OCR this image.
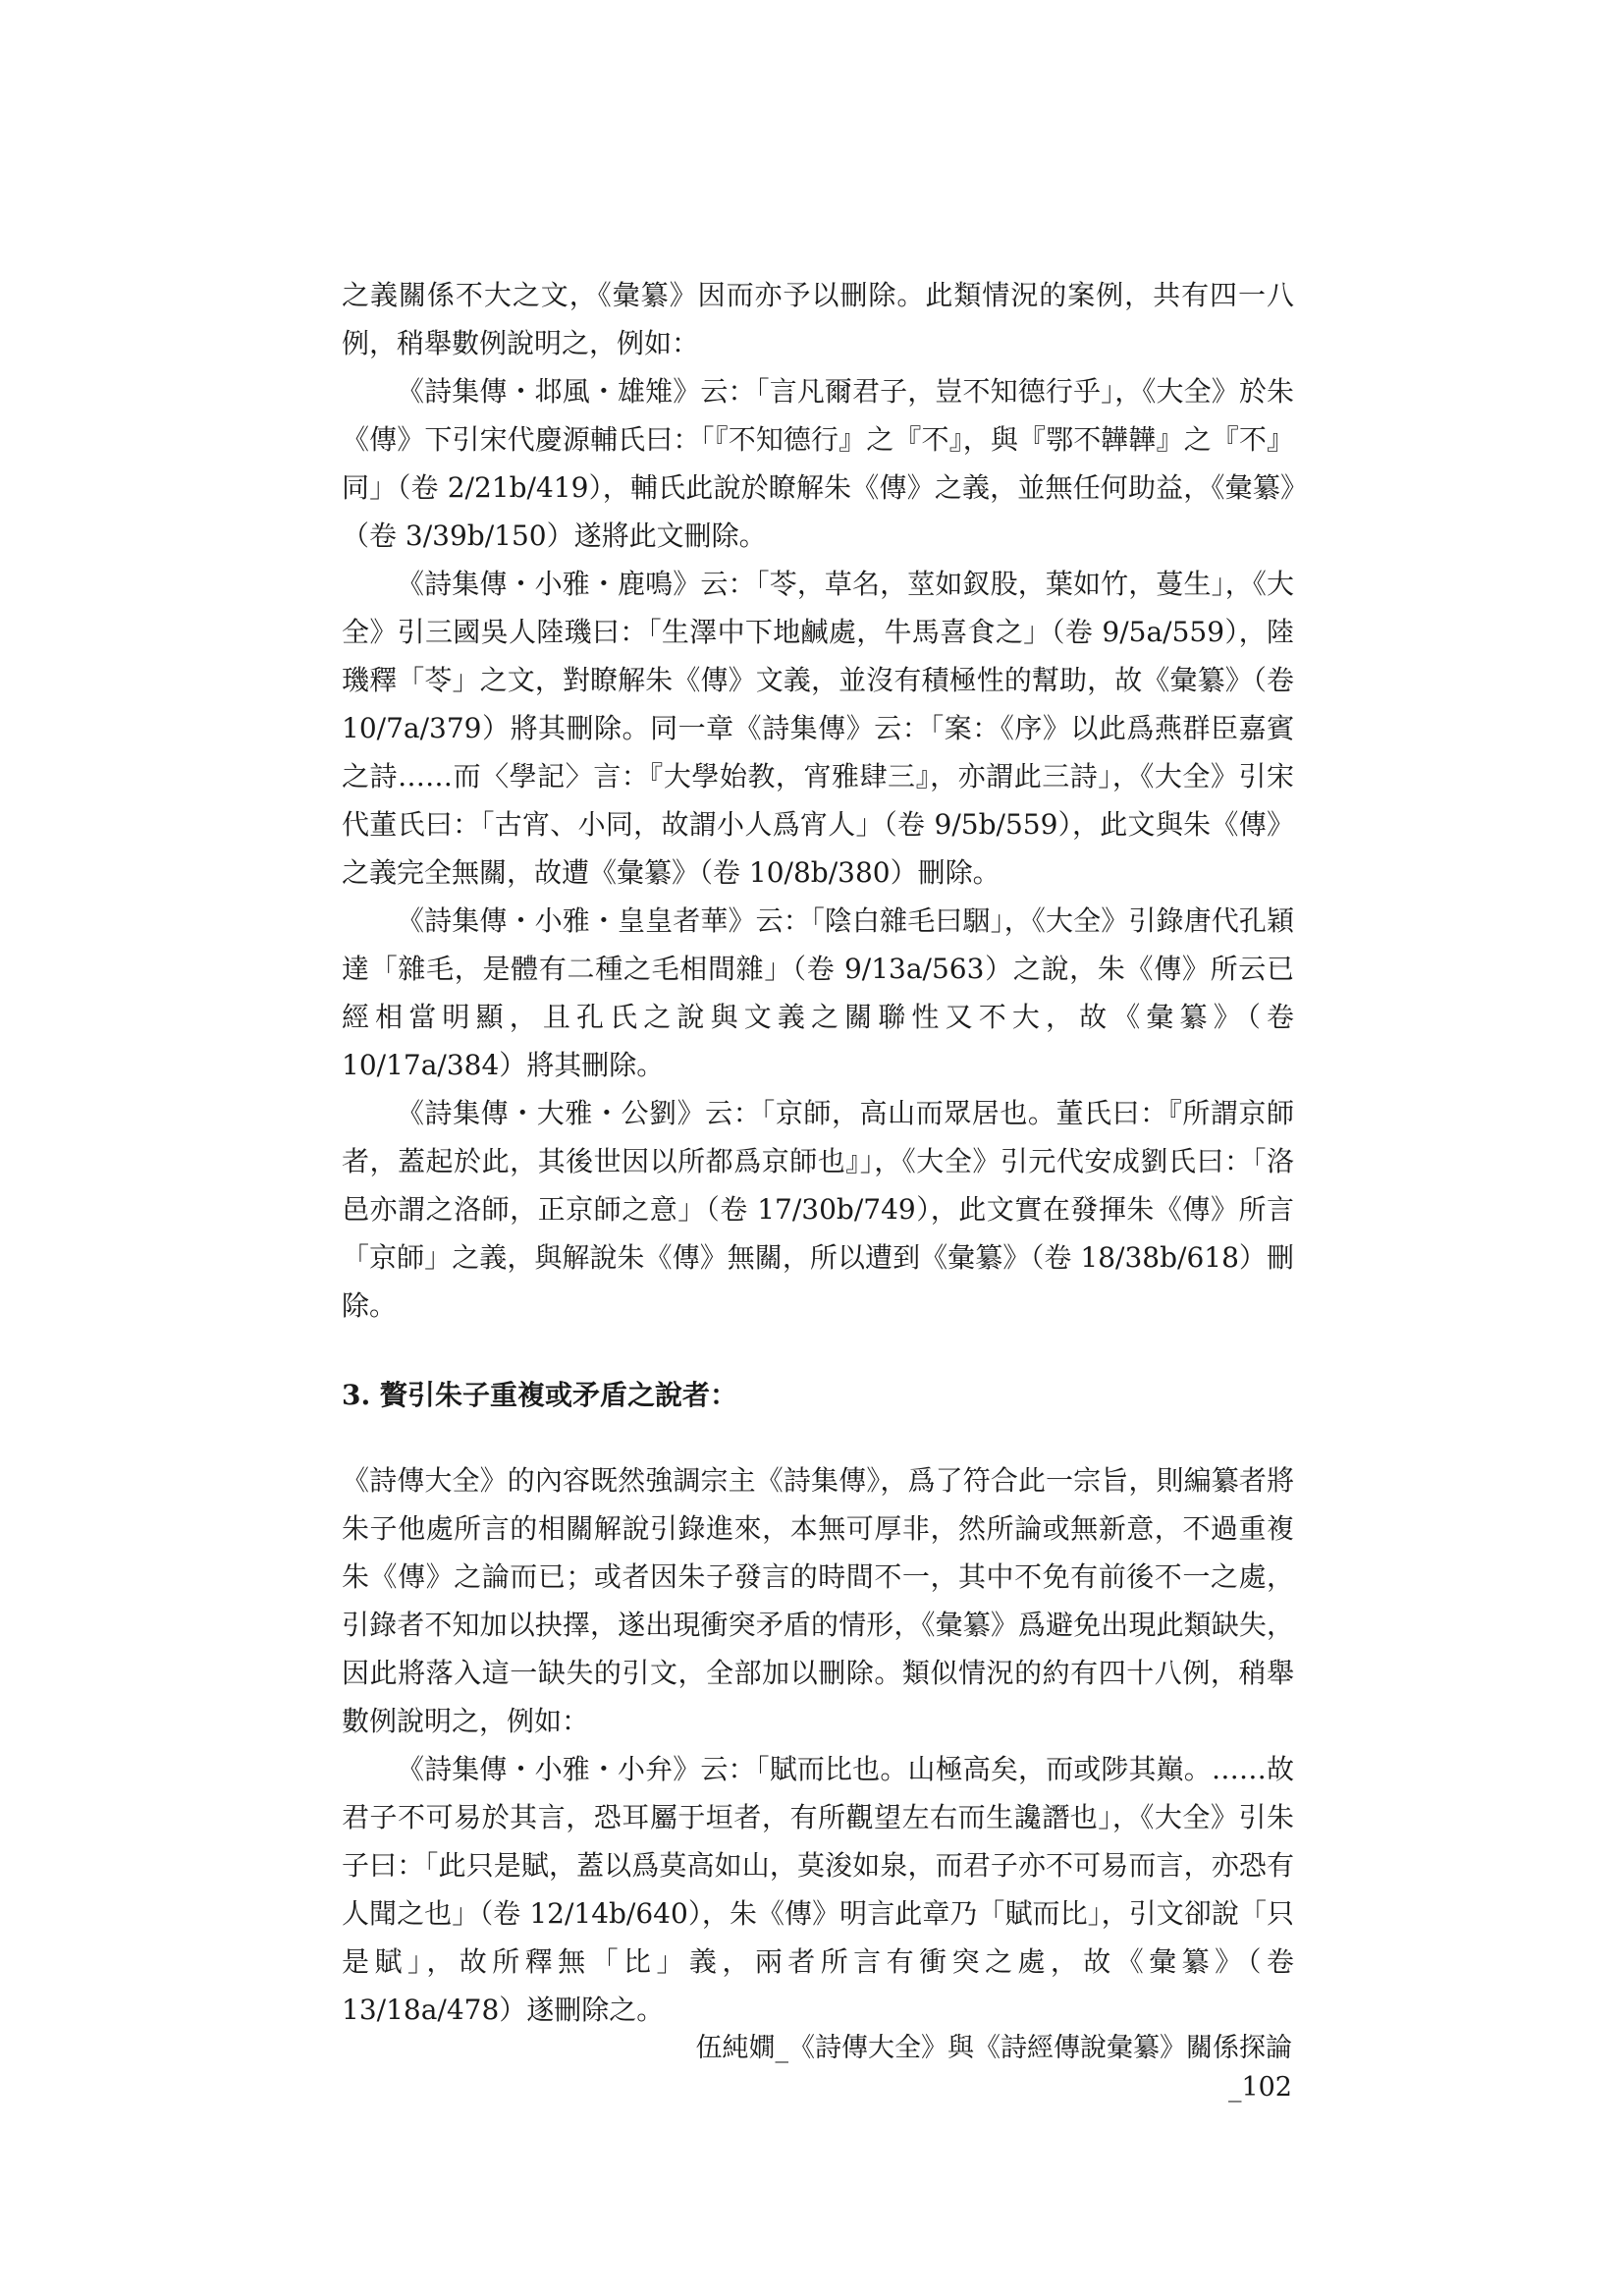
之義關係不大之文，《彙纂》因而亦予以刪除。此類情況的案例，共有四一八例，稍舉數例說明之，例如：

《詩集傳・邶風・雄雉》云：「言凡爾君子，豈不知德行乎」，《大全》於朱《傳》下引宋代慶源輔氏曰：「『不知德行』之『不』，與『鄂不韡韡』之『不』同」（卷 2/21b/419），輔氏此說於瞭解朱《傳》之義，並無任何助益，《彙纂》（卷 3/39b/150）遂將此文刪除。

《詩集傳・小雅・鹿鳴》云：「苓，草名，莖如釵股，葉如竹，蔓生」，《大全》引三國吳人陸璣曰：「生澤中下地鹹處，牛馬喜食之」（卷 9/5a/559），陸璣釋「苓」之文，對瞭解朱《傳》文義，並沒有積極性的幫助，故《彙纂》（卷 10/7a/379）將其刪除。同一章《詩集傳》云：「案：《序》以此爲燕群臣嘉賓之詩……而〈學記〉言：『大學始教，宵雅肆三』，亦謂此三詩」，《大全》引宋代董氏曰：「古宵、小同，故謂小人爲宵人」（卷 9/5b/559），此文與朱《傳》之義完全無關，故遭《彙纂》（卷 10/8b/380）刪除。

《詩集傳・小雅・皇皇者華》云：「陰白雜毛曰駰」，《大全》引錄唐代孔穎達「雜毛，是體有二種之毛相間雜」（卷 9/13a/563）之說，朱《傳》所云已經相當明顯，且孔氏之說與文義之關聯性又不大，故《彙纂》（卷 10/17a/384）將其刪除。

《詩集傳・大雅・公劉》云：「京師，高山而眾居也。董氏曰：『所謂京師者，蓋起於此，其後世因以所都爲京師也』」，《大全》引元代安成劉氏曰：「洛邑亦謂之洛師，正京師之意」（卷 17/30b/749），此文實在發揮朱《傳》所言「京師」之義，與解說朱《傳》無關，所以遭到《彙纂》（卷 18/38b/618）刪除。

3. 贅引朱子重複或矛盾之說者：

《詩傳大全》的內容既然強調宗主《詩集傳》，爲了符合此一宗旨，則編纂者將朱子他處所言的相關解說引錄進來，本無可厚非，然所論或無新意，不過重複朱《傳》之論而已；或者因朱子發言的時間不一，其中不免有前後不一之處，引錄者不知加以抉擇，遂出現衝突矛盾的情形，《彙纂》爲避免出現此類缺失，因此將落入這一缺失的引文，全部加以刪除。類似情況的約有四十八例，稍舉數例說明之，例如：

《詩集傳・小雅・小弁》云：「賦而比也。山極高矣，而或陟其巔。……故君子不可易於其言，恐耳屬于垣者，有所觀望左右而生讒譖也」，《大全》引朱子曰：「此只是賦，蓋以爲莫高如山，莫浚如泉，而君子亦不可易而言，亦恐有人聞之也」（卷 12/14b/640），朱《傳》明言此章乃「賦而比」，引文卻說「只是賦」，故所釋無「比」義，兩者所言有衝突之處，故《彙纂》（卷 13/18a/478）遂刪除之。

伍純嫺_《詩傳大全》與《詩經傳說彙纂》關係探論_102
